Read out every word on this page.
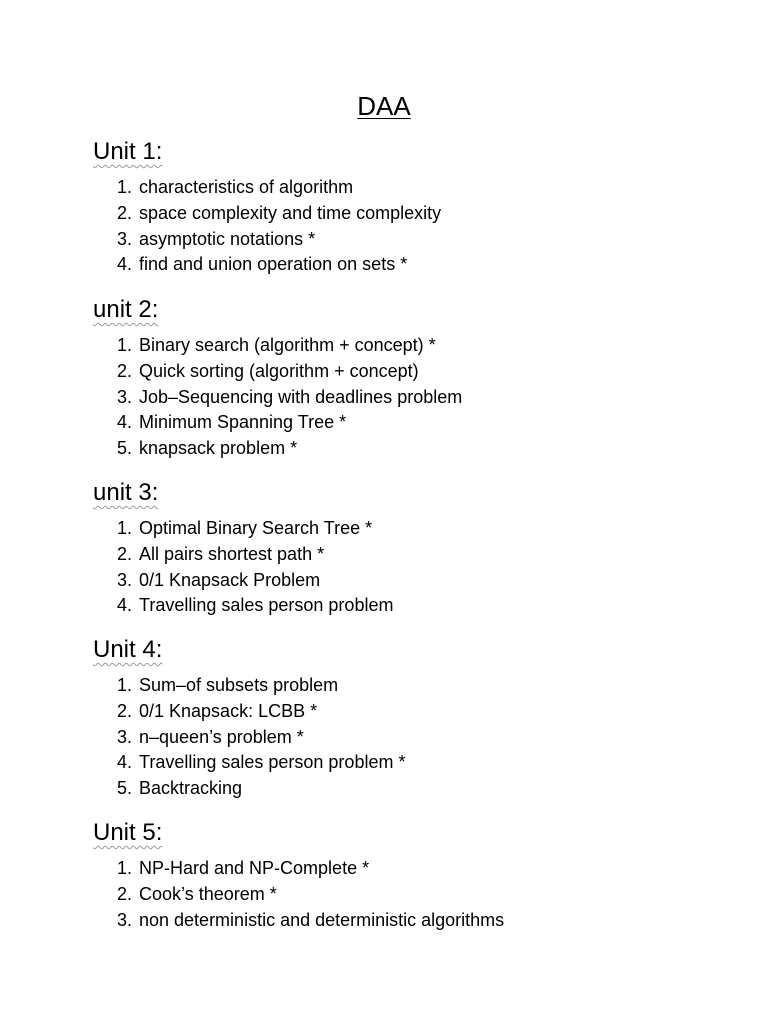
DAA
Unit 1:
1. characteristics of algorithm
2. space complexity and time complexity
3. asymptotic notations *
4. find and union operation on sets *
unit 2:
1. Binary search (algorithm + concept) *
2. Quick sorting (algorithm + concept)
3. Job–Sequencing with deadlines problem
4. Minimum Spanning Tree *
5. knapsack problem *
unit 3:
1. Optimal Binary Search Tree *
2. All pairs shortest path *
3. 0/1 Knapsack Problem
4. Travelling sales person problem
Unit 4:
1. Sum–of subsets problem
2. 0/1 Knapsack: LCBB *
3. n–queen’s problem *
4. Travelling sales person problem *
5. Backtracking
Unit 5:
1. NP-Hard and NP-Complete *
2. Cook’s theorem *
3. non deterministic and deterministic algorithms
